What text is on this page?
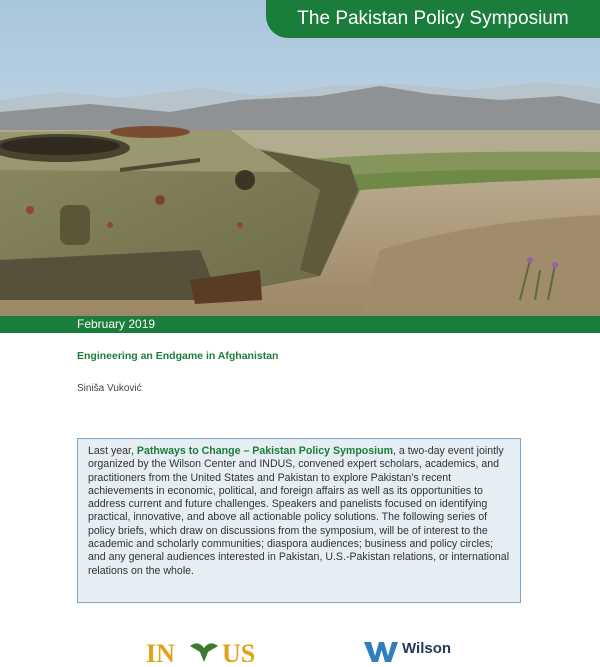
The Pakistan Policy Symposium
February 2019
Engineering an Endgame in Afghanistan
Siniša Vuković
Last year, Pathways to Change – Pakistan Policy Symposium, a two-day event jointly organized by the Wilson Center and INDUS, convened expert scholars, academics, and practitioners from the United States and Pakistan to explore Pakistan’s recent achievements in economic, political, and foreign affairs as well as its opportunities to address current and future challenges. Speakers and panelists focused on identifying practical, innovative, and above all actionable policy solutions. The following series of policy briefs, which draw on discussions from the symposium, will be of interest to the academic and scholarly communities; diaspora audiences; business and policy circles; and any general audiences interested in Pakistan, U.S.-Pakistan relations, or international relations on the whole.
IN US	Wilson
